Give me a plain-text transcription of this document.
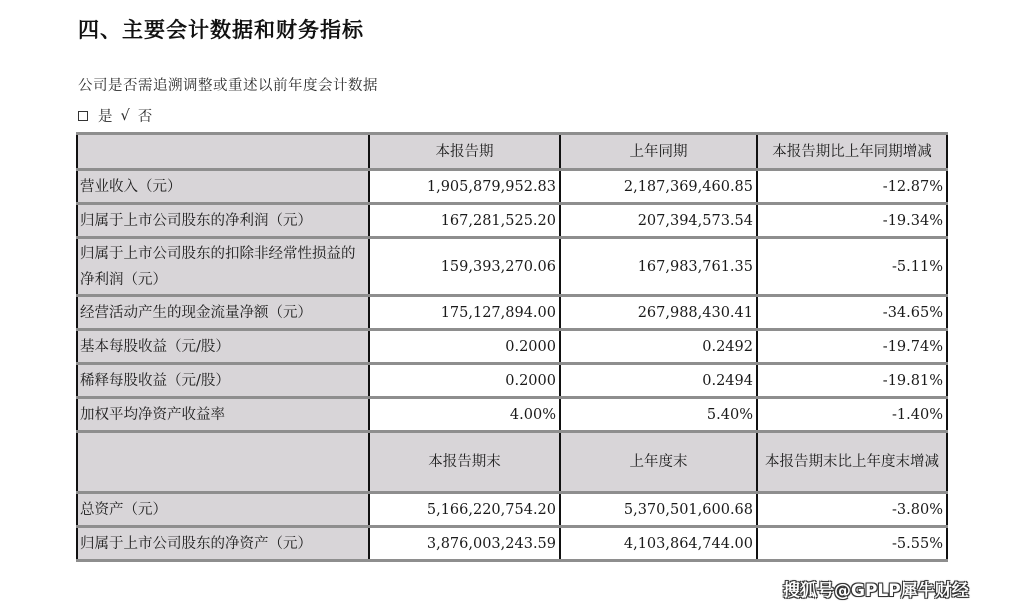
四、主要会计数据和财务指标
公司是否需追溯调整或重述以前年度会计数据
是 √ 否
	本报告期	上年同期	本报告期比上年同期增减
营业收入（元）	1,905,879,952.83	2,187,369,460.85	-12.87%
归属于上市公司股东的净利润（元）	167,281,525.20	207,394,573.54	-19.34%
归属于上市公司股东的扣除非经常性损益的净利润（元）	159,393,270.06	167,983,761.35	-5.11%
经营活动产生的现金流量净额（元）	175,127,894.00	267,988,430.41	-34.65%
基本每股收益（元/股）	0.2000	0.2492	-19.74%
稀释每股收益（元/股）	0.2000	0.2494	-19.81%
加权平均净资产收益率	4.00%	5.40%	-1.40%
	本报告期末	上年度末	本报告期末比上年度末增减
总资产（元）	5,166,220,754.20	5,370,501,600.68	-3.80%
归属于上市公司股东的净资产（元）	3,876,003,243.59	4,103,864,744.00	-5.55%
搜狐号@GPLP犀牛财经
